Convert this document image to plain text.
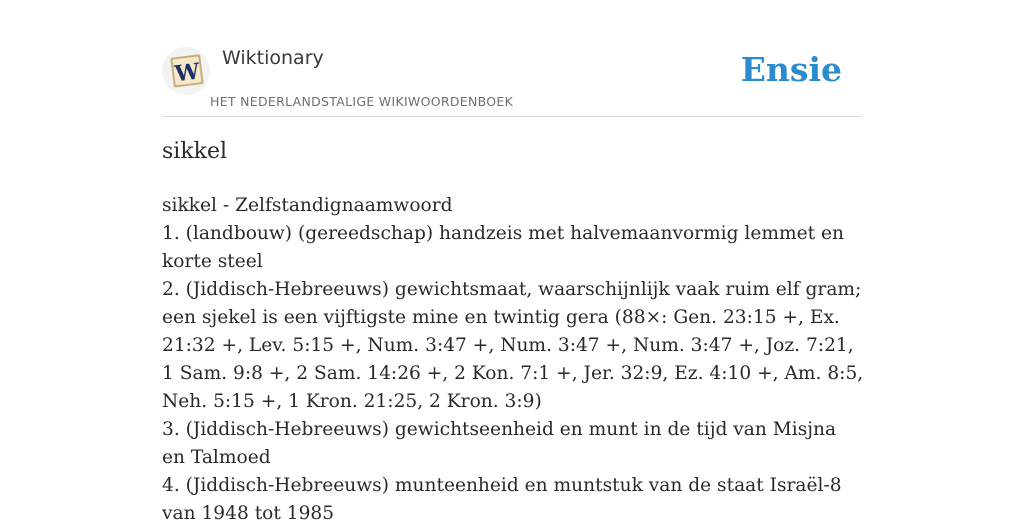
W
Wiktionary
HET NEDERLANDSTALIGE WIKIWOORDENBOEK
Ensie
sikkel

sikkel - Zelfstandignaamwoord

1. (landbouw) (gereedschap) handzeis met halvemaanvormig lemmet en korte steel

2. (Jiddisch-Hebreeuws) gewichtsmaat, waarschijnlijk vaak ruim elf gram; een sjekel is een vijftigste mine en twintig gera (88×: Gen. 23:15 +, Ex. 21:32 +, Lev. 5:15 +, Num. 3:47 +, Num. 3:47 +, Num. 3:47 +, Joz. 7:21, 1 Sam. 9:8 +, 2 Sam. 14:26 +, 2 Kon. 7:1 +, Jer. 32:9, Ez. 4:10 +, Am. 8:5, Neh. 5:15 +, 1 Kron. 21:25, 2 Kron. 3:9)

3. (Jiddisch-Hebreeuws) gewichtseenheid en munt in de tijd van Misjna en Talmoed

4. (Jiddisch-Hebreeuws) munteenheid en muntstuk van de staat Israël-8 van 1948 tot 1985
